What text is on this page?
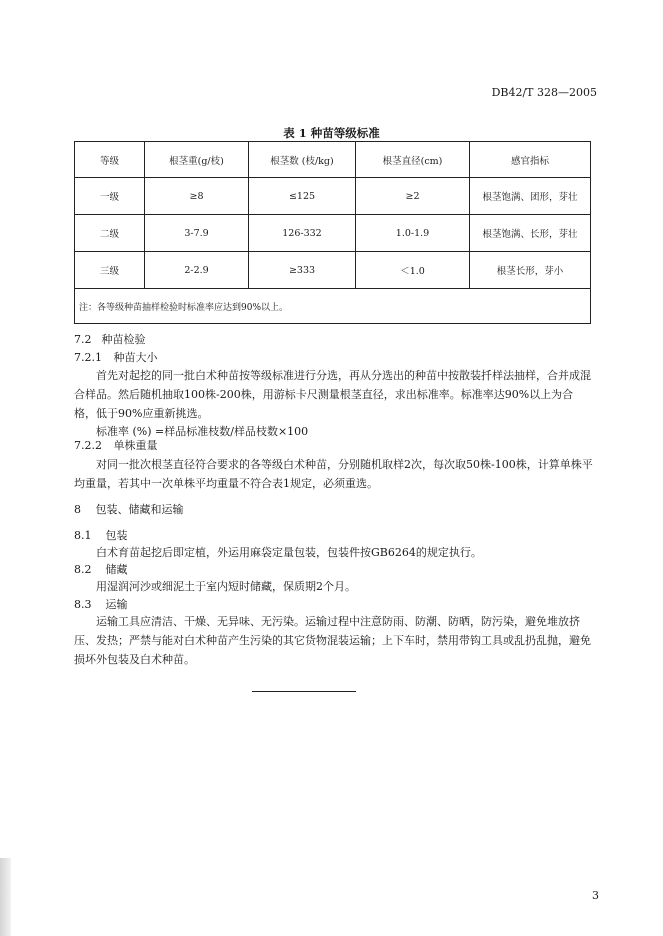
DB42/T 328—2005
表 1 种苗等级标准
等级	根茎重(g/枝)	根茎数 (枝/kg)	根茎直径(cm)	感官指标
一级	≥8	≤125	≥2	根茎饱满、团形，芽壮
二级	3-7.9	126-332	1.0-1.9	根茎饱满、长形，芽壮
三级	2-2.9	≥333	＜1.0	根茎长形，芽小
注：各等级种苗抽样检验时标准率应达到90%以上。				
7.2 种苗检验
7.2.1 种苗大小
首先对起挖的同一批白术种苗按等级标准进行分选，再从分选出的种苗中按散装扦样法抽样，合并成混合样品。然后随机抽取100株-200株，用游标卡尺测量根茎直径，求出标准率。标准率达90%以上为合格，低于90%应重新挑选。
标准率 (%) =样品标准枝数/样品枝数×100
7.2.2 单株重量
对同一批次根茎直径符合要求的各等级白术种苗，分别随机取样2次，每次取50株-100株，计算单株平均重量，若其中一次单株平均重量不符合表1规定，必须重选。
8 包装、储藏和运输
8.1 包装
白术育苗起挖后即定植，外运用麻袋定量包装，包装件按GB6264的规定执行。
8.2 储藏
用湿润河沙或细泥土于室内短时储藏，保质期2个月。
8.3 运输
运输工具应清洁、干燥、无异味、无污染。运输过程中注意防雨、防潮、防晒，防污染，避免堆放挤压、发热；严禁与能对白术种苗产生污染的其它货物混装运输；上下车时，禁用带钩工具或乱扔乱抛，避免损坏外包装及白术种苗。
3
